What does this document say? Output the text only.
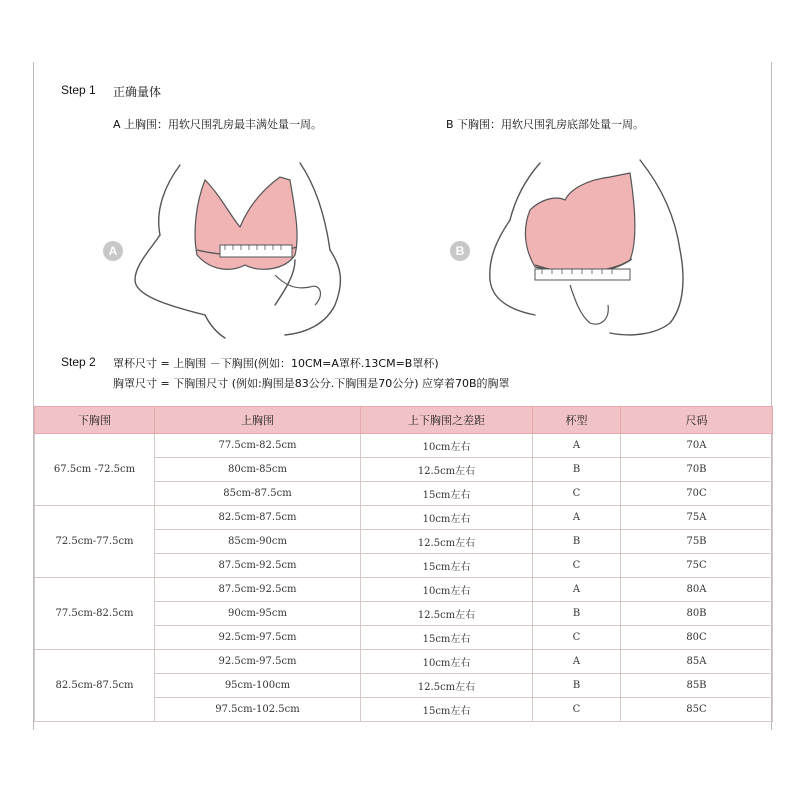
Step 1 正确量体
A 上胸围：用软尺围乳房最丰满处量一周。	B 下胸围：用软尺围乳房底部处量一周。
A	B
Step 2 罩杯尺寸 = 上胸围 －下胸围(例如：10CM=A罩杯.13CM=B罩杯)
胸罩尺寸 = 下胸围尺寸 (例如:胸围是83公分.下胸围是70公分) 应穿着70B的胸罩
下胸围	上胸围	上下胸围之差距	杯型	尺码
67.5cm -72.5cm	77.5cm-82.5cm	10cm左右	A	70A
	80cm-85cm	12.5cm左右	B	70B
	85cm-87.5cm	15cm左右	C	70C
72.5cm-77.5cm	82.5cm-87.5cm	10cm左右	A	75A
	85cm-90cm	12.5cm左右	B	75B
	87.5cm-92.5cm	15cm左右	C	75C
77.5cm-82.5cm	87.5cm-92.5cm	10cm左右	A	80A
	90cm-95cm	12.5cm左右	B	80B
	92.5cm-97.5cm	15cm左右	C	80C
82.5cm-87.5cm	92.5cm-97.5cm	10cm左右	A	85A
	95cm-100cm	12.5cm左右	B	85B
	97.5cm-102.5cm	15cm左右	C	85C
